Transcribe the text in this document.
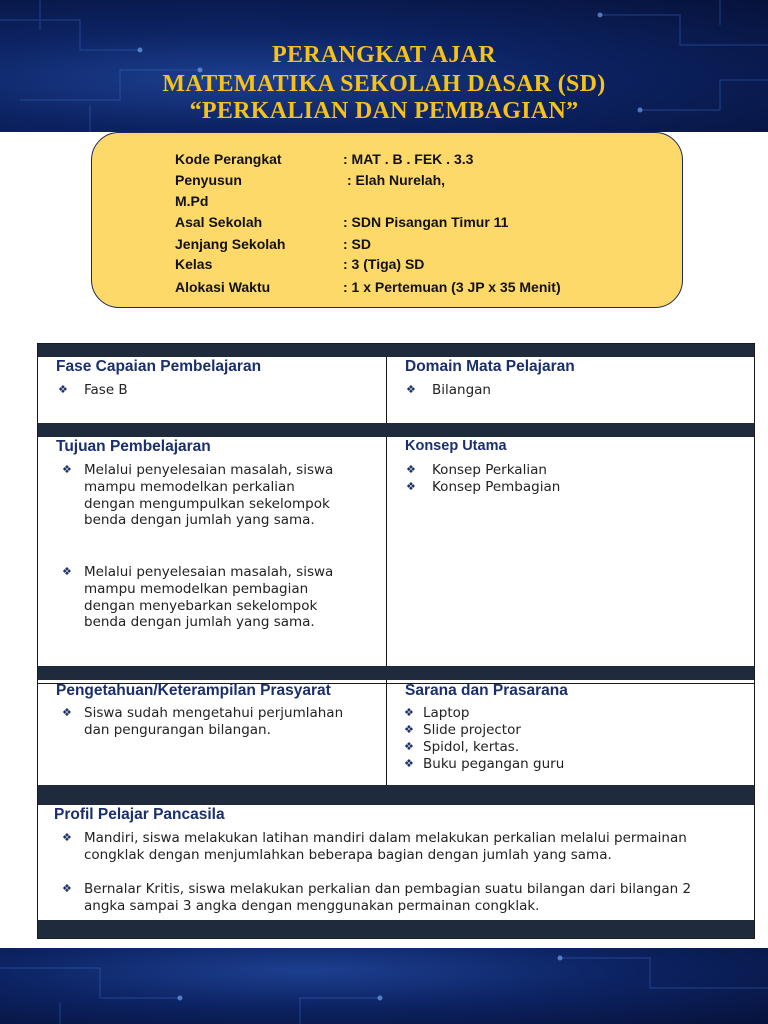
PERANGKAT AJAR
MATEMATIKA SEKOLAH DASAR (SD)
“PERKALIAN DAN PEMBAGIAN”
Kode Perangkat	: MAT . B . FEK . 3.3
Penyusun	: Elah Nurelah,
M.Pd
Asal Sekolah	: SDN Pisangan Timur 11
Jenjang Sekolah	: SD
Kelas	: 3 (Tiga) SD
Alokasi Waktu	: 1 x Pertemuan (3 JP x 35 Menit)
Fase Capaian Pembelajaran
❖ Fase B
Domain Mata Pelajaran
❖ Bilangan
Tujuan Pembelajaran
❖ Melalui penyelesaian masalah, siswa mampu memodelkan perkalian dengan mengumpulkan sekelompok benda dengan jumlah yang sama.
❖ Melalui penyelesaian masalah, siswa mampu memodelkan pembagian dengan menyebarkan sekelompok benda dengan jumlah yang sama.
Konsep Utama
❖ Konsep Perkalian
❖ Konsep Pembagian
Pengetahuan/Keterampilan Prasyarat
❖ Siswa sudah mengetahui perjumlahan dan pengurangan bilangan.
Sarana dan Prasarana
❖ Laptop
❖ Slide projector
❖ Spidol, kertas.
❖ Buku pegangan guru
Profil Pelajar Pancasila
❖ Mandiri, siswa melakukan latihan mandiri dalam melakukan perkalian melalui permainan congklak dengan menjumlahkan beberapa bagian dengan jumlah yang sama.
❖ Bernalar Kritis, siswa melakukan perkalian dan pembagian suatu bilangan dari bilangan 2 angka sampai 3 angka dengan menggunakan permainan congklak.
